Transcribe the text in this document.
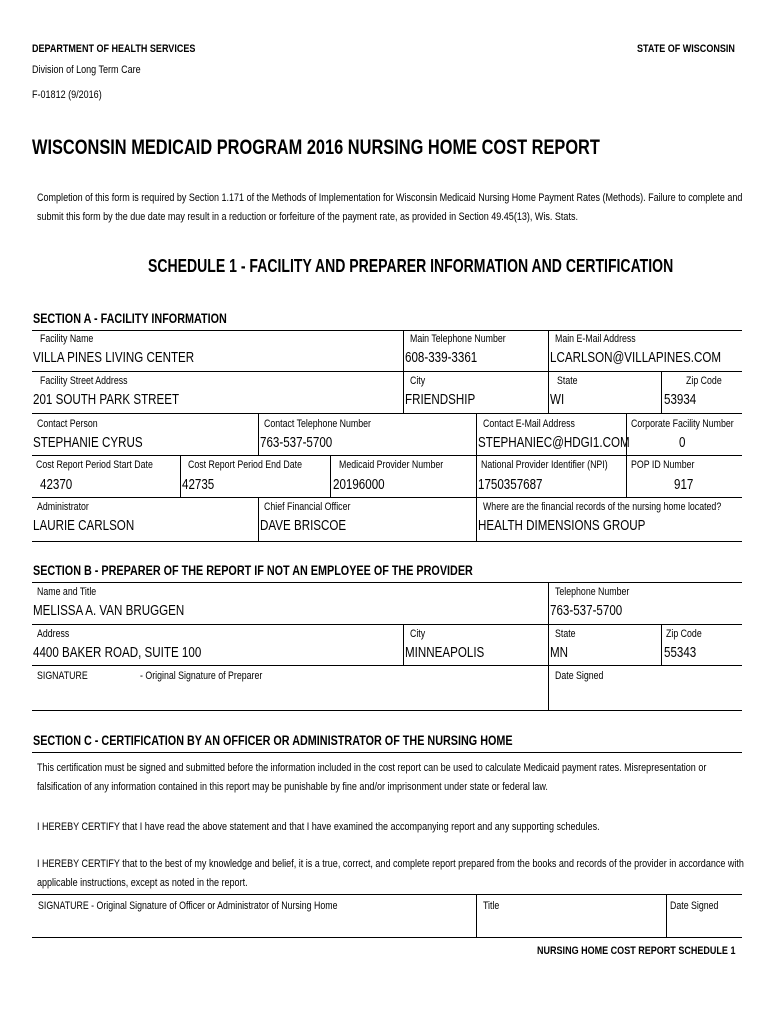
DEPARTMENT OF HEALTH SERVICES	STATE OF WISCONSIN
Division of Long Term Care
F-01812 (9/2016)
WISCONSIN MEDICAID PROGRAM 2016 NURSING HOME COST REPORT
Completion of this form is required by Section 1.171 of the Methods of Implementation for Wisconsin Medicaid Nursing Home Payment Rates (Methods). Failure to complete and
submit this form by the due date may result in a reduction or forfeiture of the payment rate, as provided in Section 49.45(13), Wis. Stats.
SCHEDULE 1 - FACILITY AND PREPARER INFORMATION AND CERTIFICATION
SECTION A - FACILITY INFORMATION
Facility Name
VILLA PINES LIVING CENTER
Main Telephone Number
608-339-3361
Main E-Mail Address
LCARLSON@VILLAPINES.COM
Facility Street Address
201 SOUTH PARK STREET
City
FRIENDSHIP
State
WI
Zip Code
53934
Contact Person
STEPHANIE CYRUS
Contact Telephone Number
763-537-5700
Contact E-Mail Address
STEPHANIEC@HDGI1.COM
Corporate Facility Number
0
Cost Report Period Start Date
42370
Cost Report Period End Date
42735
Medicaid Provider Number
20196000
National Provider Identifier (NPI)
1750357687
POP ID Number
917
Administrator
LAURIE CARLSON
Chief Financial Officer
DAVE BRISCOE
Where are the financial records of the nursing home located?
HEALTH DIMENSIONS GROUP
SECTION B - PREPARER OF THE REPORT IF NOT AN EMPLOYEE OF THE PROVIDER
Name and Title
MELISSA A. VAN BRUGGEN
Telephone Number
763-537-5700
Address
4400 BAKER ROAD, SUITE 100
City
MINNEAPOLIS
State
MN
Zip Code
55343
SIGNATURE	- Original Signature of Preparer	Date Signed
SECTION C - CERTIFICATION BY AN OFFICER OR ADMINISTRATOR OF THE NURSING HOME
This certification must be signed and submitted before the information included in the cost report can be used to calculate Medicaid payment rates. Misrepresentation or
falsification of any information contained in this report may be punishable by fine and/or imprisonment under state or federal law.
I HEREBY CERTIFY that I have read the above statement and that I have examined the accompanying report and any supporting schedules.
I HEREBY CERTIFY that to the best of my knowledge and belief, it is a true, correct, and complete report prepared from the books and records of the provider in accordance with
applicable instructions, except as noted in the report.
SIGNATURE - Original Signature of Officer or Administrator of Nursing Home	Title	Date Signed
NURSING HOME COST REPORT SCHEDULE 1
